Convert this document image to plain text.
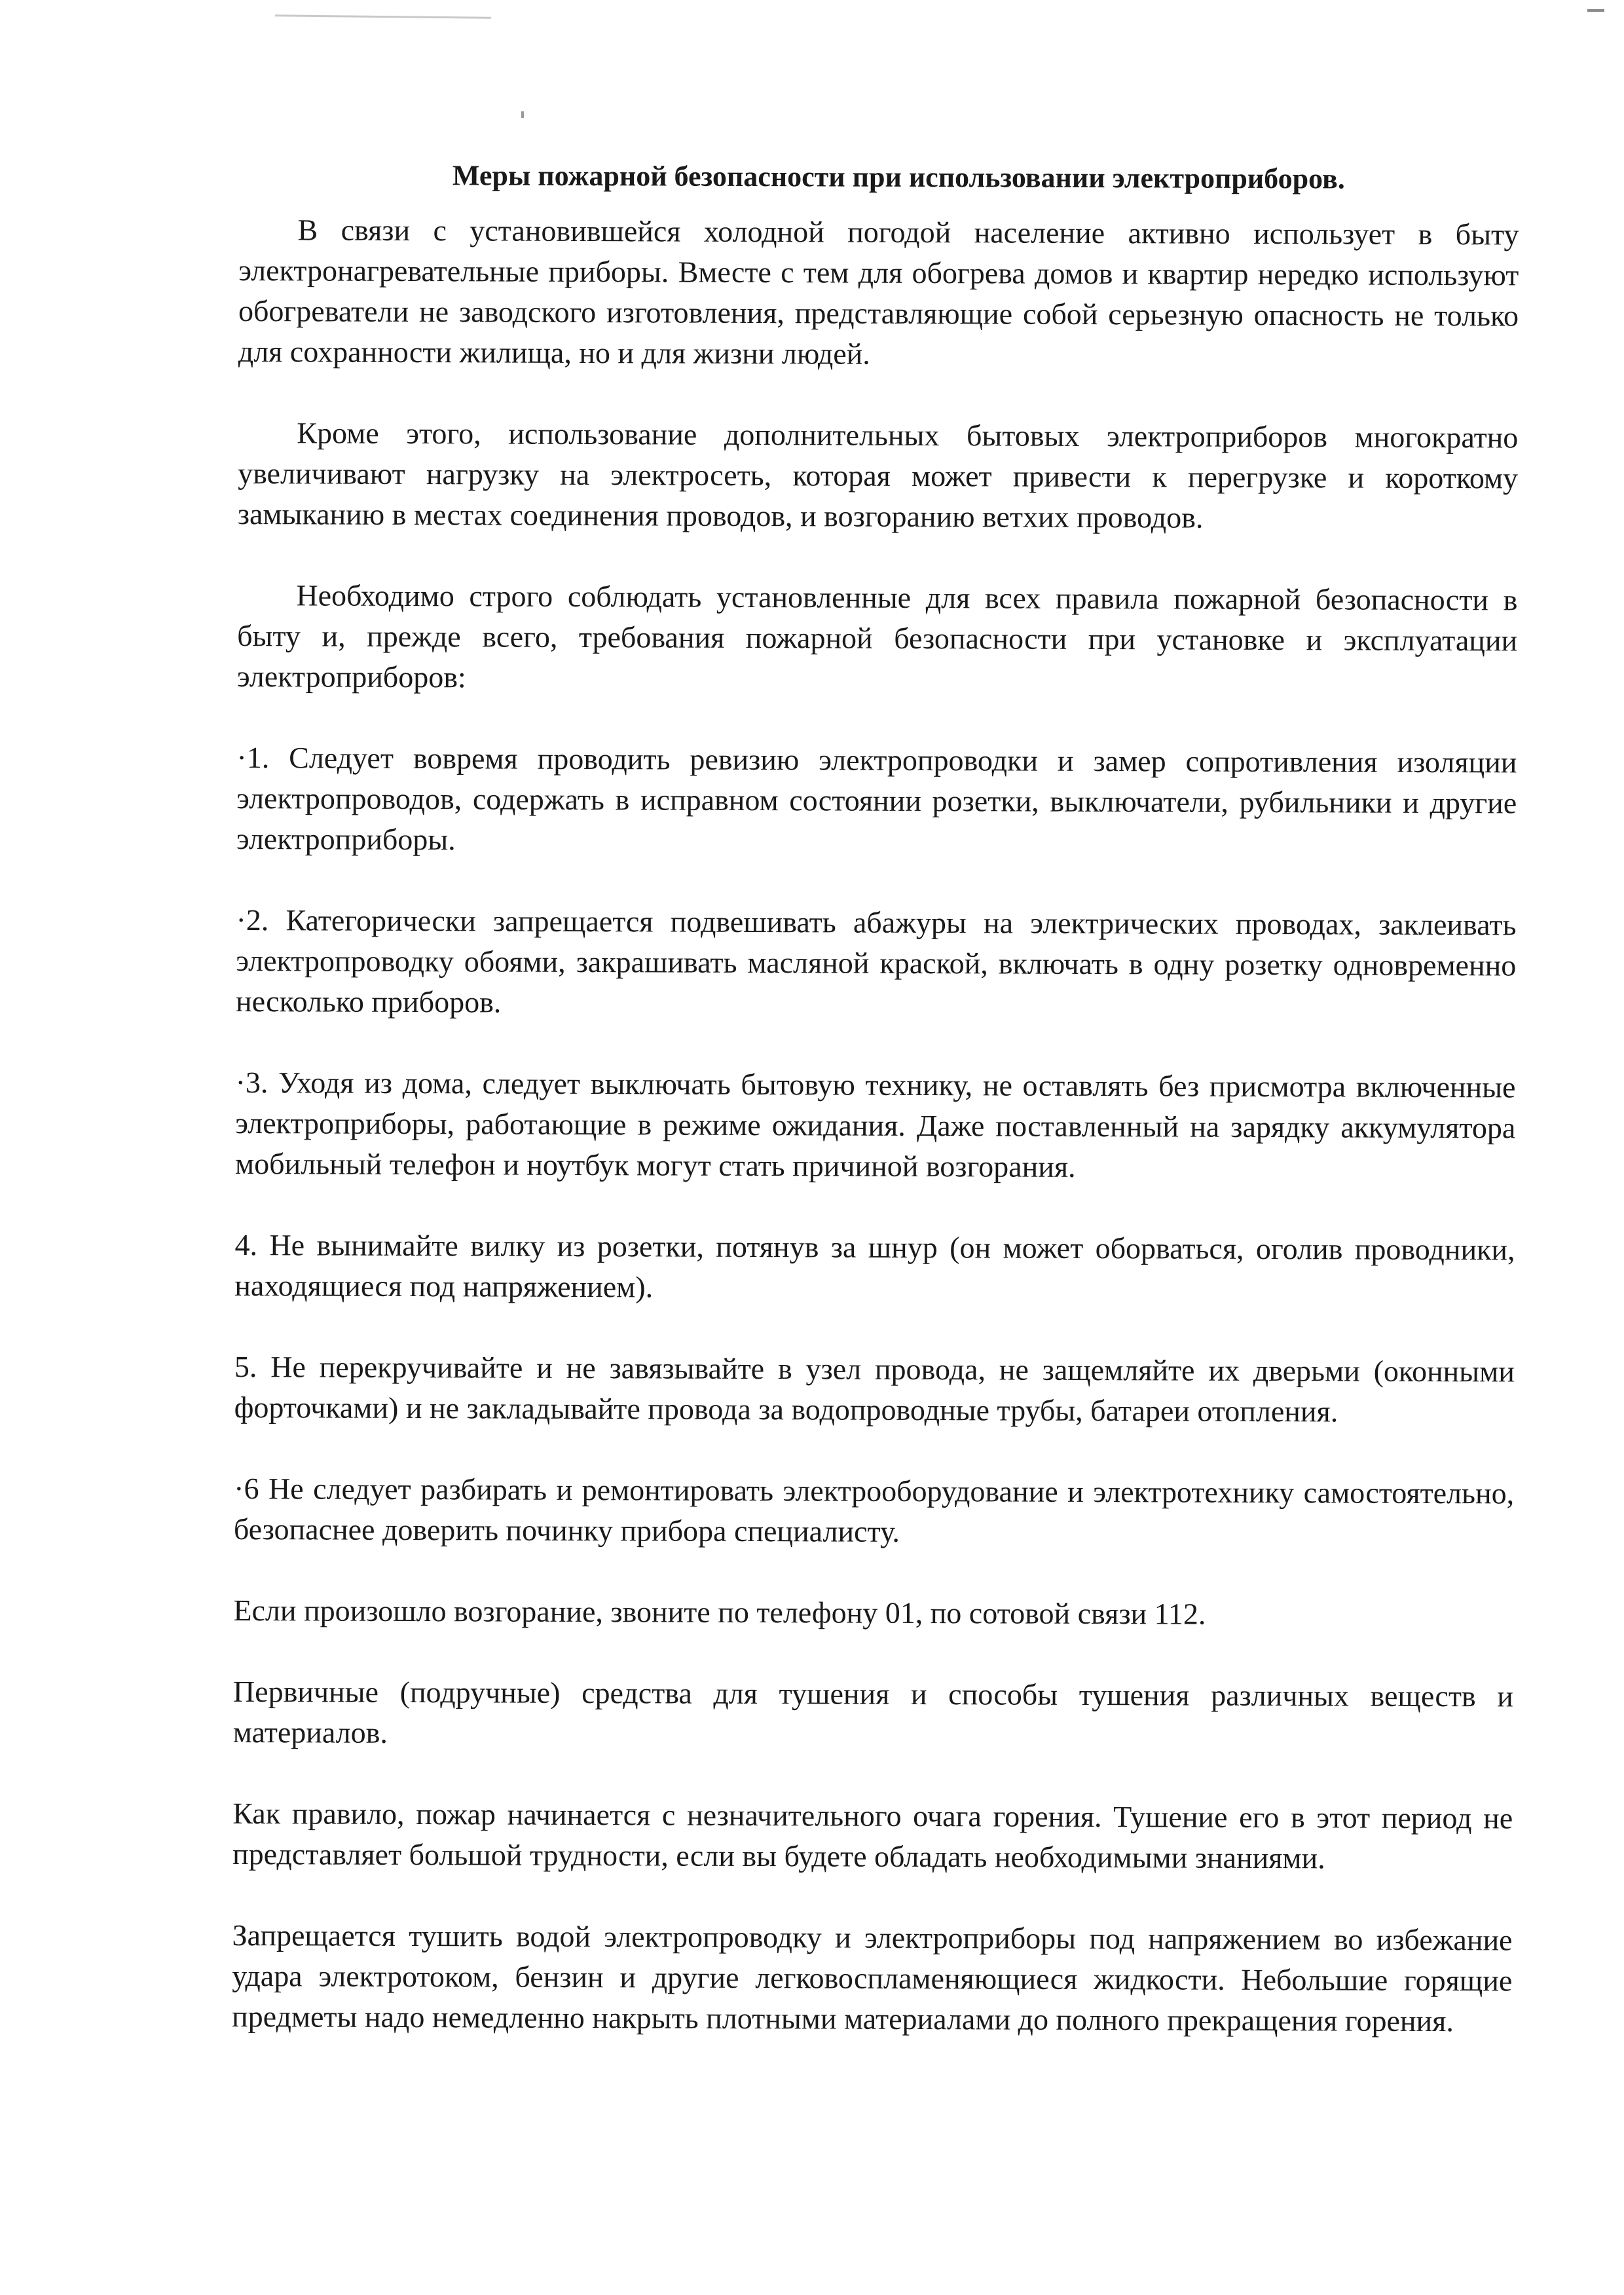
Меры пожарной безопасности при использовании электроприборов.
В связи с установившейся холодной погодой население активно использует в быту электронагревательные приборы. Вместе с тем для обогрева домов и квартир нередко используют обогреватели не заводского изготовления, представляющие собой серьезную опасность не только для сохранности жилища, но и для жизни людей.
Кроме этого, использование дополнительных бытовых электроприборов многократно увеличивают нагрузку на электросеть, которая может привести к перегрузке и короткому замыканию в местах соединения проводов, и возгоранию ветхих проводов.
Необходимо строго соблюдать установленные для всех правила пожарной безопасности в быту и, прежде всего, требования пожарной безопасности при установке и эксплуатации электроприборов:
·1. Следует вовремя проводить ревизию электропроводки и замер сопротивления изоляции электропроводов, содержать в исправном состоянии розетки, выключатели, рубильники и другие электроприборы.
·2. Категорически запрещается подвешивать абажуры на электрических проводах, заклеивать электропроводку обоями, закрашивать масляной краской, включать в одну розетку одновременно несколько приборов.
·3. Уходя из дома, следует выключать бытовую технику, не оставлять без присмотра включенные электроприборы, работающие в режиме ожидания. Даже поставленный на зарядку аккумулятора мобильный телефон и ноутбук могут стать причиной возгорания.
4. Не вынимайте вилку из розетки, потянув за шнур (он может оборваться, оголив проводники, находящиеся под напряжением).
5. Не перекручивайте и не завязывайте в узел провода, не защемляйте их дверьми (оконными форточками) и не закладывайте провода за водопроводные трубы, батареи отопления.
·6 Не следует разбирать и ремонтировать электрооборудование и электротехнику самостоятельно, безопаснее доверить починку прибора специалисту.
Если произошло возгорание, звоните по телефону 01, по сотовой связи 112.
Первичные (подручные) средства для тушения и способы тушения различных веществ и материалов.
Как правило, пожар начинается с незначительного очага горения. Тушение его в этот период не представляет большой трудности, если вы будете обладать необходимыми знаниями.
Запрещается тушить водой электропроводку и электроприборы под напряжением во избежание удара электротоком, бензин и другие легковоспламеняющиеся жидкости. Небольшие горящие предметы надо немедленно накрыть плотными материалами до полного прекращения горения.
